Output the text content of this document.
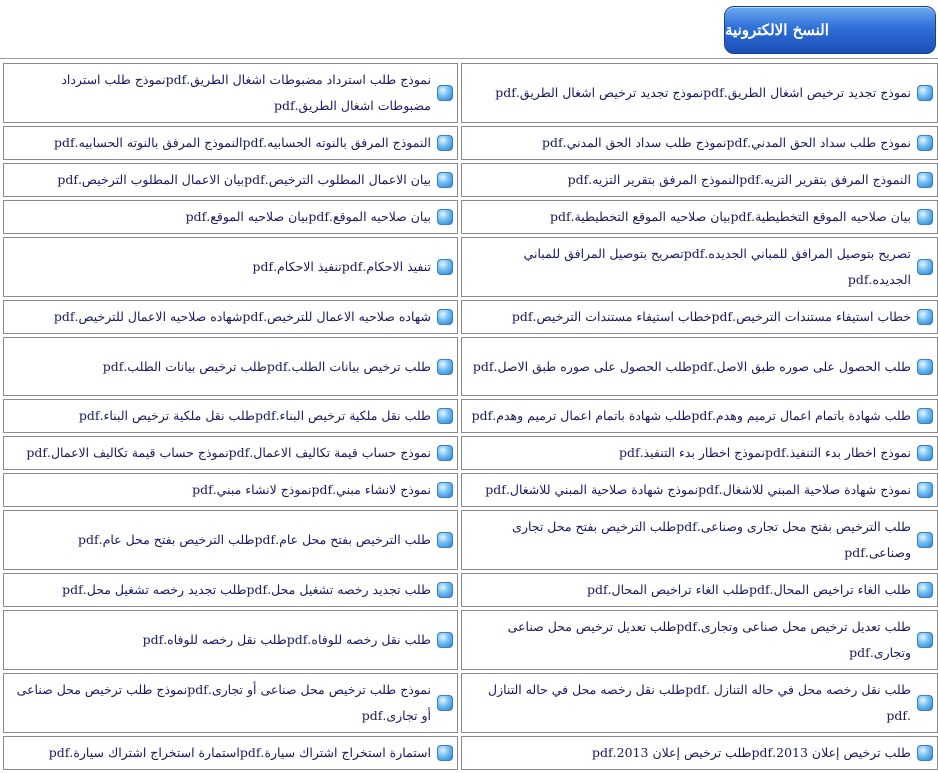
النسخ الالكترونية
نموذج تجديد ترخيص اشغال الطريق.pdfنموذج تجديد ترخيص اشغال الطريق.pdf	نموذج طلب استرداد مضبوطات اشغال الطريق.pdfنموذج طلب استرداد مضبوطات اشغال الطريق.pdf

نموذج طلب سداد الحق المدني.pdfنموذج طلب سداد الحق المدني.pdf	النموذج المرفق بالنوته الحسابيه.pdfالنموذج المرفق بالنوته الحسابيه.pdf

النموذج المرفق بتقرير التزيه.pdfالنموذج المرفق بتقرير التزيه.pdf	بيان الاعمال المطلوب الترخيص.pdfبيان الاعمال المطلوب الترخيص.pdf

بيان صلاحيه الموقع التخطيطية.pdfبيان صلاحيه الموقع التخطيطية.pdf	بيان صلاحيه الموقع.pdfبيان صلاحيه الموقع.pdf

تصريح بتوصيل المرافق للمباني الجديده.pdfتصريح بتوصيل المرافق للمباني الجديده.pdf	تنفيذ الاحكام.pdfتنفيذ الاحكام.pdf

خطاب استيفاء مستندات الترخيص.pdfخطاب استيفاء مستندات الترخيص.pdf	شهاده صلاحيه الاعمال للترخيص.pdfشهاده صلاحيه الاعمال للترخيص.pdf

طلب الحصول على صوره طبق الاصل.pdfطلب الحصول على صوره طبق الاصل.pdf	طلب ترخيص بيانات الطلب.pdfطلب ترخيص بيانات الطلب.pdf

طلب شهادة باتمام اعمال ترميم وهدم.pdfطلب شهادة باتمام اعمال ترميم وهدم.pdf	طلب نقل ملكية ترخيص البناء.pdfطلب نقل ملكية ترخيص البناء.pdf

نموذج اخطار بدء التنفيذ.pdfنموذج اخطار بدء التنفيذ.pdf	نموذج حساب قيمة تكاليف الاعمال.pdfنموذج حساب قيمة تكاليف الاعمال.pdf

نموذج شهادة صلاحية المبني للاشغال.pdfنموذج شهادة صلاحية المبني للاشغال.pdf	نموذج لانشاء مبني.pdfنموذج لانشاء مبني.pdf

طلب الترخيص بفتح محل تجارى وصناعى.pdfطلب الترخيص بفتح محل تجارى وصناعى.pdf	طلب الترخيص بفتح محل عام.pdfطلب الترخيص بفتح محل عام.pdf

طلب الغاء تراخيص المحال.pdfطلب الغاء تراخيص المحال.pdf	طلب تجديد رخصه تشغيل محل.pdfطلب تجديد رخصه تشغيل محل.pdf

طلب تعديل ترخيص محل صناعى وتجارى.pdfطلب تعديل ترخيص محل صناعى وتجارى.pdf	طلب نقل رخصه للوفاه.pdfطلب نقل رخصه للوفاه.pdf

طلب نقل رخصه محل في حاله التنازل .pdfطلب نقل رخصه محل في حاله التنازل .pdf	نموذج طلب ترخيص محل صناعى أو تجارى.pdfنموذج طلب ترخيص محل صناعى أو تجارى.pdf

طلب ترخيص إعلان 2013.pdfطلب ترخيص إعلان 2013.pdf	استمارة استخراج اشتراك سيارة.pdfاستمارة استخراج اشتراك سيارة.pdf
